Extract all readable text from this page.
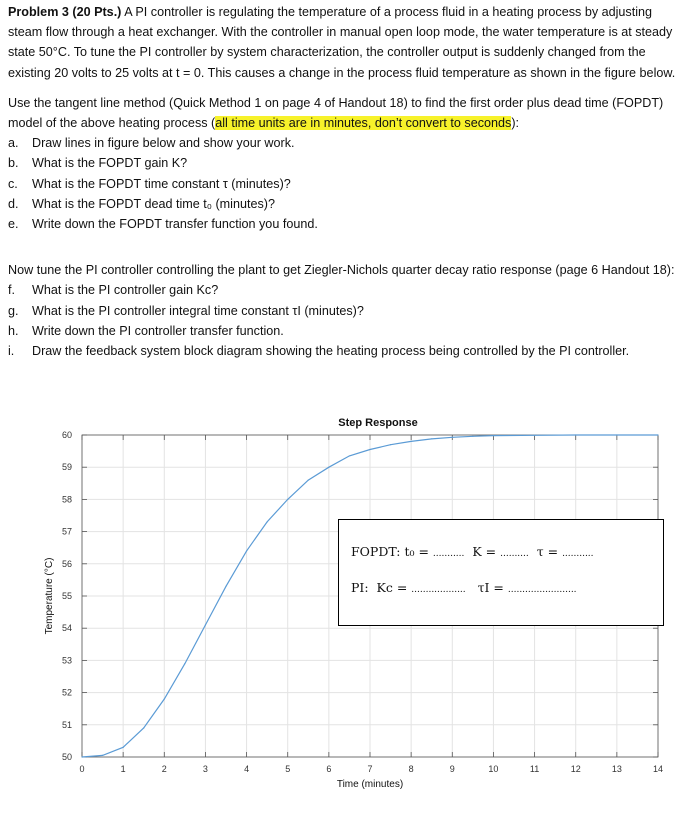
Problem 3 (20 Pts.) A PI controller is regulating the temperature of a process fluid in a heating process by adjusting steam flow through a heat exchanger. With the controller in manual open loop mode, the water temperature is at steady state 50°C. To tune the PI controller by system characterization, the controller output is suddenly changed from the existing 20 volts to 25 volts at t = 0. This causes a change in the process fluid temperature as shown in the figure below.

Use the tangent line method (Quick Method 1 on page 4 of Handout 18) to find the first order plus dead time (FOPDT) model of the above heating process (all time units are in minutes, don’t convert to seconds):

a.	Draw lines in figure below and show your work.
b.	What is the FOPDT gain K?
c.	What is the FOPDT time constant τ (minutes)?
d.	What is the FOPDT dead time t₀ (minutes)?
e.	Write down the FOPDT transfer function you found.

Now tune the PI controller controlling the plant to get Ziegler-Nichols quarter decay ratio response (page 6 Handout 18):

f.	What is the PI controller gain Kc?
g.	What is the PI controller integral time constant τI (minutes)?
h.	Write down the PI controller transfer function.
i.	Draw the feedback system block diagram showing the heating process being controlled by the PI controller.
0	1	2	3	4	5	6	7	8	9	10	11	12	13	14
50
51
52
53
54
55
56
57
58
59
60
Step Response
Time (minutes)
Temperature (°C)
FOPDT: t₀ = ........... K = .......... τ = ...........
PI: Kc = ................... τI = ........................
